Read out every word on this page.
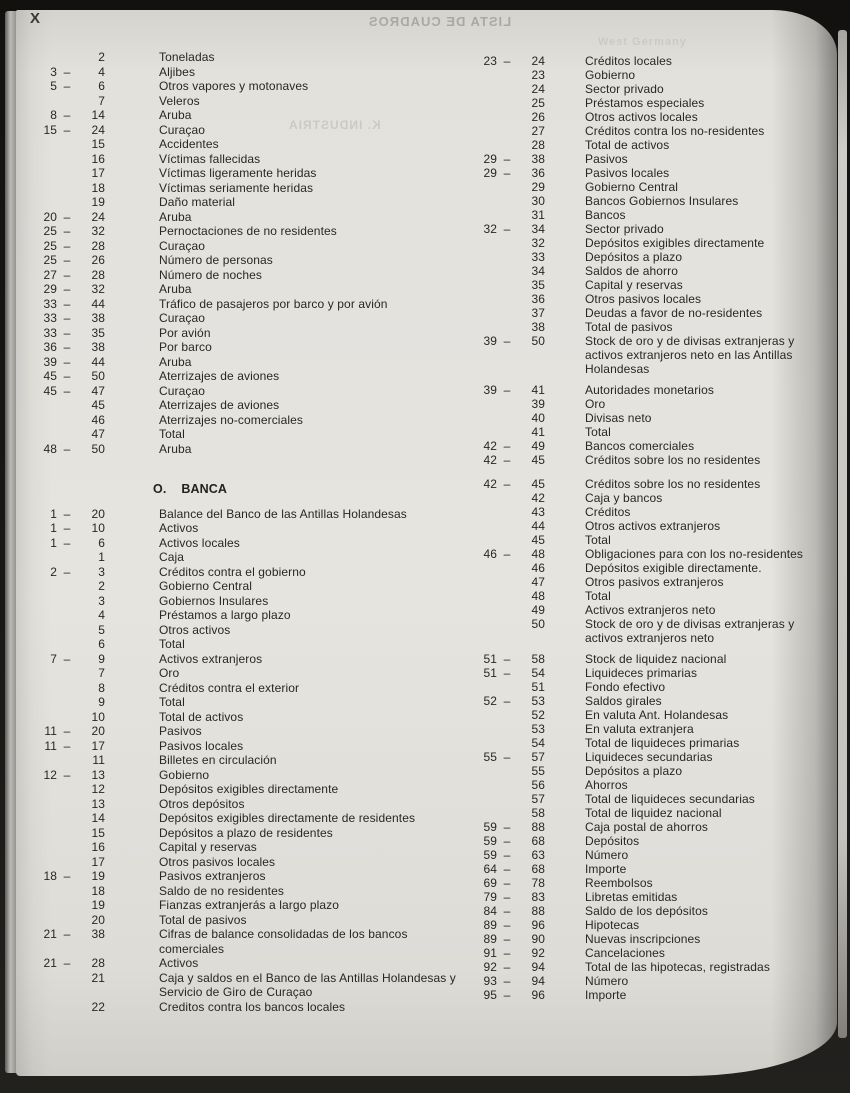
X	LISTA DE CUADROS
West Germany
K. INDUSTRIA
2	Toneladas
3 –	4	Aljibes
5 –	6	Otros vapores y motonaves
7	Veleros
8 –	14	Aruba
15 –	24	Curaçao
15	Accidentes
16	Víctimas fallecidas
17	Víctimas ligeramente heridas
18	Víctimas seriamente heridas
19	Daño material
20 –	24	Aruba
25 –	32	Pernoctaciones de no residentes
25 –	28	Curaçao
25 –	26	Número de personas
27 –	28	Número de noches
29 –	32	Aruba
33 –	44	Tráfico de pasajeros por barco y por avión
33 –	38	Curaçao
33 –	35	Por avión
36 –	38	Por barco
39 –	44	Aruba
45 –	50	Aterrizajes de aviones
45 –	47	Curaçao
45	Aterrizajes de aviones
46	Aterrizajes no-comerciales
47	Total
48 –	50	Aruba
O. BANCA
1 –	20	Balance del Banco de las Antillas Holandesas
1 –	10	Activos
1 –	6	Activos locales
1	Caja
2 –	3	Créditos contra el gobierno
2	Gobierno Central
3	Gobiernos Insulares
4	Préstamos a largo plazo
5	Otros activos
6	Total
7 –	9	Activos extranjeros
7	Oro
8	Créditos contra el exterior
9	Total
10	Total de activos
11 –	20	Pasivos
11 –	17	Pasivos locales
11	Billetes en circulación
12 –	13	Gobierno
12	Depósitos exigibles directamente
13	Otros depósitos
14	Depósitos exigibles directamente de residentes
15	Depósitos a plazo de residentes
16	Capital y reservas
17	Otros pasivos locales
18 –	19	Pasivos extranjeros
18	Saldo de no residentes
19	Fianzas extranjerás a largo plazo
20	Total de pasivos
21 –	38	Cifras de balance consolidadas de los bancos comerciales
21 –	28	Activos
21	Caja y saldos en el Banco de las Antillas Holandesas y Servicio de Giro de Curaçao
22	Creditos contra los bancos locales
23 –	24	Créditos locales
23	Gobierno
24	Sector privado
25	Préstamos especiales
26	Otros activos locales
27	Créditos contra los no-residentes
28	Total de activos
29 –	38	Pasivos
29 –	36	Pasivos locales
29	Gobierno Central
30	Bancos Gobiernos Insulares
31	Bancos
32 –	34	Sector privado
32	Depósitos exigibles directamente
33	Depósitos a plazo
34	Saldos de ahorro
35	Capital y reservas
36	Otros pasivos locales
37	Deudas a favor de no-residentes
38	Total de pasivos
39 –	50	Stock de oro y de divisas extranjeras y activos extranjeros neto en las Antillas Holandesas
39 –	41	Autoridades monetarios
39	Oro
40	Divisas neto
41	Total
42 –	49	Bancos comerciales
42 –	45	Créditos sobre los no residentes
42 –	45	Créditos sobre los no residentes
42	Caja y bancos
43	Créditos
44	Otros activos extranjeros
45	Total
46 –	48	Obligaciones para con los no-residentes
46	Depósitos exigible directamente.
47	Otros pasivos extranjeros
48	Total
49	Activos extranjeros neto
50	Stock de oro y de divisas extranjeras y activos extranjeros neto
51 –	58	Stock de liquidez nacional
51 –	54	Liquideces primarias
51	Fondo efectivo
52 –	53	Saldos girales
52	En valuta Ant. Holandesas
53	En valuta extranjera
54	Total de liquideces primarias
55 –	57	Liquideces secundarias
55	Depósitos a plazo
56	Ahorros
57	Total de liquideces secundarias
58	Total de liquidez nacional
59 –	88	Caja postal de ahorros
59 –	68	Depósitos
59 –	63	Número
64 –	68	Importe
69 –	78	Reembolsos
79 –	83	Libretas emitidas
84 –	88	Saldo de los depósitos
89 –	96	Hipotecas
89 –	90	Nuevas inscripciones
91 –	92	Cancelaciones
92 –	94	Total de las hipotecas, registradas
93 –	94	Número
95 –	96	Importe
